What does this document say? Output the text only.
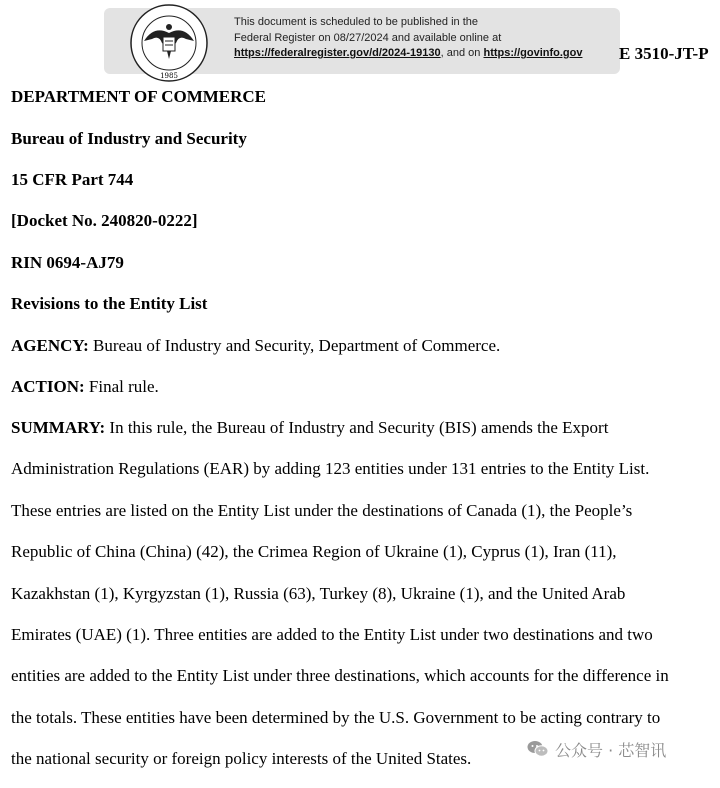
1985
This document is scheduled to be published in the
Federal Register on 08/27/2024 and available online at
https://federalregister.gov/d/2024-19130, and on https://govinfo.gov	E 3510-JT-P
DEPARTMENT OF COMMERCE
Bureau of Industry and Security
15 CFR Part 744
[Docket No. 240820-0222]
RIN 0694-AJ79
Revisions to the Entity List
AGENCY: Bureau of Industry and Security, Department of Commerce.
ACTION: Final rule.
SUMMARY: In this rule, the Bureau of Industry and Security (BIS) amends the Export
Administration Regulations (EAR) by adding 123 entities under 131 entries to the Entity List.
These entries are listed on the Entity List under the destinations of Canada (1), the People’s
Republic of China (China) (42), the Crimea Region of Ukraine (1), Cyprus (1), Iran (11),
Kazakhstan (1), Kyrgyzstan (1), Russia (63), Turkey (8), Ukraine (1), and the United Arab
Emirates (UAE) (1). Three entities are added to the Entity List under two destinations and two
entities are added to the Entity List under three destinations, which accounts for the difference in
the totals. These entities have been determined by the U.S. Government to be acting contrary to
the national security or foreign policy interests of the United States.	公众号 · 芯智讯
